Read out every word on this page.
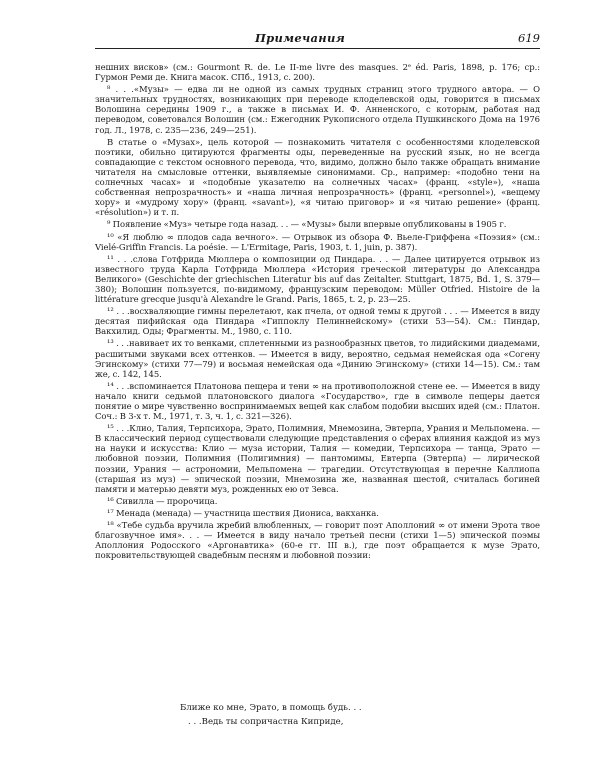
Примечания	619

нешних висков» (см.: Gourmont R. de. Le II-me livre des masques. 2ᵉ éd. Paris, 1898, p. 176; ср.: Гурмон Реми де. Книга масок. СПб., 1913, с. 200).

⁸ . . .«Музы» — едва ли не одной из самых трудных страниц этого трудного автора. — О значительных трудностях, возникающих при переводе клоделевской оды, говорится в письмах Волошина середины 1909 г., а также в письмах И. Ф. Анненского, с которым, работая над переводом, советовался Волошин (см.: Ежегодник Рукописного отдела Пушкинского Дома на 1976 год. Л., 1978, с. 235—236, 249—251).

В статье о «Музах», цель которой — познакомить читателя с особенностями клоделевской поэтики, обильно цитируются фрагменты оды, переведенные на русский язык, но не всегда совпадающие с текстом основного перевода, что, видимо, должно было также обращать внимание читателя на смысловые оттенки, выявляемые синонимами. Ср., например: «подобно тени на солнечных часах» и «подобные указателю на солнечных часах» (франц. «style»), «наша собственная непрозрачность» и «наша личная непрозрачность» (франц. «personnel»), «вещему хору» и «мудрому хору» (франц. «savant»), «я читаю приговор» и «я читаю решение» (франц. «résolution») и т. п.

⁹ Появление «Муз» четыре года назад. . . — «Музы» были впервые опубликованы в 1905 г.

¹⁰ «Я люблю ∞ плодов сада вечного». — Отрывок из обзора Ф. Вьеле-Гриффена «Поэзия» (см.: Vielé-Griffin Francis. La poésie. — L'Ermitage, Paris, 1903, t. 1, juin, p. 387).

¹¹ . . .слова Готфрида Мюллера о композиции од Пиндара. . . — Далее цитируется отрывок из известного труда Карла Готфрида Мюллера «История греческой литературы до Александра Великого» (Geschichte der griechischen Literatur bis auf das Zeitalter. Stuttgart, 1875, Bd. 1, S. 379—380); Волошин пользуется, по-видимому, французским переводом: Müller Otfried. Histoire de la littérature grecque jusqu'à Alexandre le Grand. Paris, 1865, t. 2, p. 23—25.

¹² . . .восхваляющие гимны перелетают, как пчела, от одной темы к другой . . . — Имеется в виду десятая пифийская ода Пиндара «Гиппоклу Пелиннейскому» (стихи 53—54). См.: Пиндар, Вакхилид. Оды; Фрагменты. М., 1980, с. 110.

¹³ . . .навивает их то венками, сплетенными из разнообразных цветов, то лидийскими диадемами, расшитыми звуками всех оттенков. — Имеется в виду, вероятно, седьмая немейская ода «Согену Эгинскому» (стихи 77—79) и восьмая немейская ода «Динию Эгинскому» (стихи 14—15). См.: там же, с. 142, 145.

¹⁴ . . .вспоминается Платонова пещера и тени ∞ на противоположной стене ее. — Имеется в виду начало книги седьмой платоновского диалога «Государство», где в символе пещеры дается понятие о мире чувственно воспринимаемых вещей как слабом подобии высших идей (см.: Платон. Соч.: В 3-х т. М., 1971, т. 3, ч. 1, с. 321—326).

¹⁵ . . .Клио, Талия, Терпсихора, Эрато, Полимния, Мнемозина, Эвтерпа, Урания и Мельпомена. — В классический период существовали следующие представления о сферах влияния каждой из муз на науки и искусства: Клио — муза истории, Талия — комедии, Терпсихора — танца, Эрато — любовной поэзии, Полимния (Полигимния) — пантомимы, Евтерпа (Эвтерпа) — лирической поэзии, Урания — астрономии, Мельпомена — трагедии. Отсутствующая в перечне Каллиопа (старшая из муз) — эпической поэзии, Мнемозина же, названная шестой, считалась богиней памяти и матерью девяти муз, рожденных ею от Зевса.

¹⁶ Сивилла — пророчица.

¹⁷ Менада (менада) — участница шествия Диониса, вакханка.

¹⁸ «Тебе судьба вручила жребий влюбленных, — говорит поэт Аполлоний ∞ от имени Эрота твое благозвучное имя». . . — Имеется в виду начало третьей песни (стихи 1—5) эпической поэмы Аполлония Родосского «Аргонавтика» (60-е гг. III в.), где поэт обращается к музе Эрато, покровительствующей свадебным песням и любовной поэзии:

Ближе ко мне, Эрато, в помощь будь. . .

. . .Ведь ты сопричастна Киприде,
